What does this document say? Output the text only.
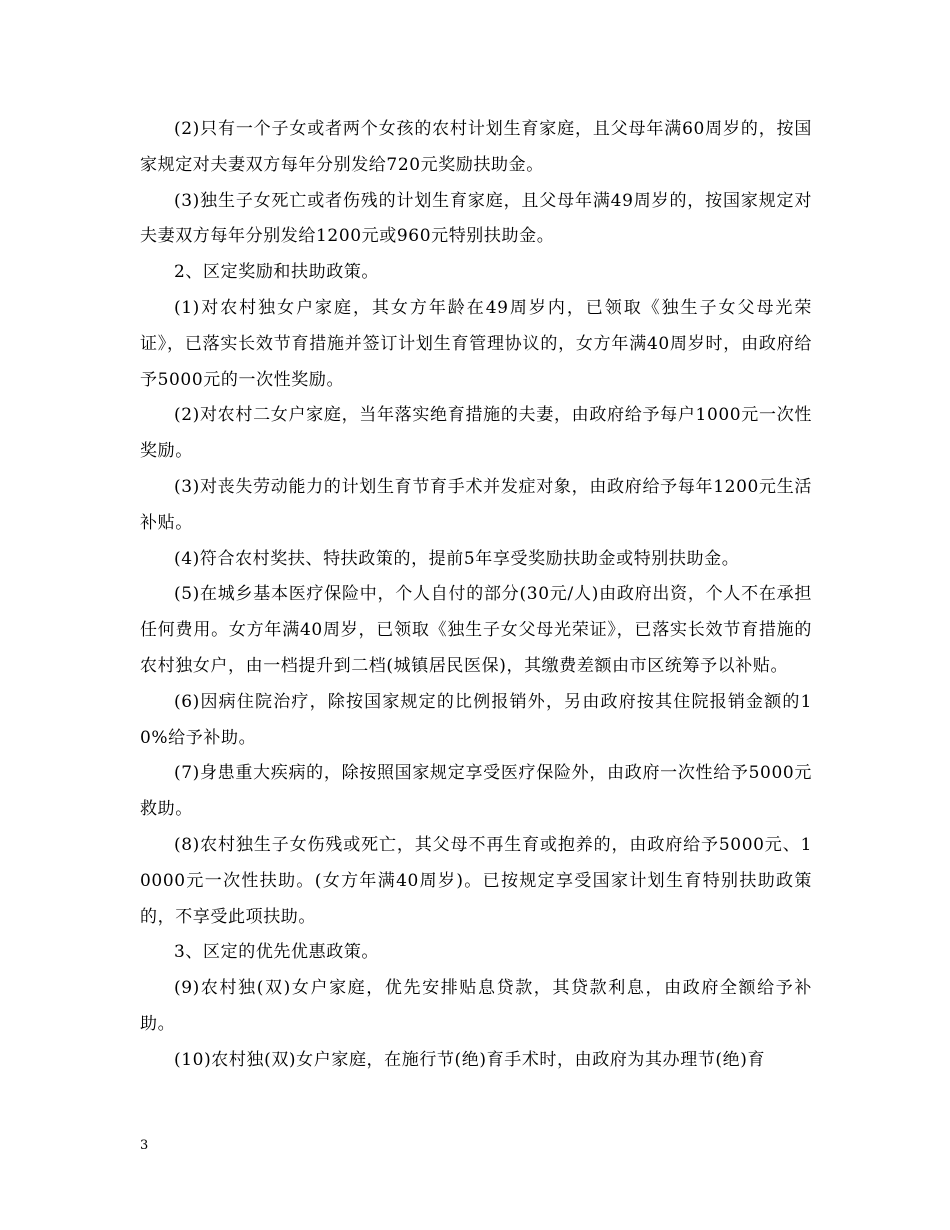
(2)只有一个子女或者两个女孩的农村计划生育家庭，且父母年满60周岁的，按国家规定对夫妻双方每年分别发给720元奖励扶助金。

(3)独生子女死亡或者伤残的计划生育家庭，且父母年满49周岁的，按国家规定对夫妻双方每年分别发给1200元或960元特别扶助金。

2、区定奖励和扶助政策。

(1)对农村独女户家庭，其女方年龄在49周岁内，已领取《独生子女父母光荣证》，已落实长效节育措施并签订计划生育管理协议的，女方年满40周岁时，由政府给予5000元的一次性奖励。

(2)对农村二女户家庭，当年落实绝育措施的夫妻，由政府给予每户1000元一次性奖励。

(3)对丧失劳动能力的计划生育节育手术并发症对象，由政府给予每年1200元生活补贴。

(4)符合农村奖扶、特扶政策的，提前5年享受奖励扶助金或特别扶助金。

(5)在城乡基本医疗保险中，个人自付的部分(30元/人)由政府出资，个人不在承担任何费用。女方年满40周岁，已领取《独生子女父母光荣证》，已落实长效节育措施的农村独女户，由一档提升到二档(城镇居民医保)，其缴费差额由市区统筹予以补贴。

(6)因病住院治疗，除按国家规定的比例报销外，另由政府按其住院报销金额的10%给予补助。

(7)身患重大疾病的，除按照国家规定享受医疗保险外，由政府一次性给予5000元救助。

(8)农村独生子女伤残或死亡，其父母不再生育或抱养的，由政府给予5000元、10000元一次性扶助。(女方年满40周岁)。已按规定享受国家计划生育特别扶助政策的，不享受此项扶助。

3、区定的优先优惠政策。

(9)农村独(双)女户家庭，优先安排贴息贷款，其贷款利息，由政府全额给予补助。

(10)农村独(双)女户家庭，在施行节(绝)育手术时，由政府为其办理节(绝)育

3
